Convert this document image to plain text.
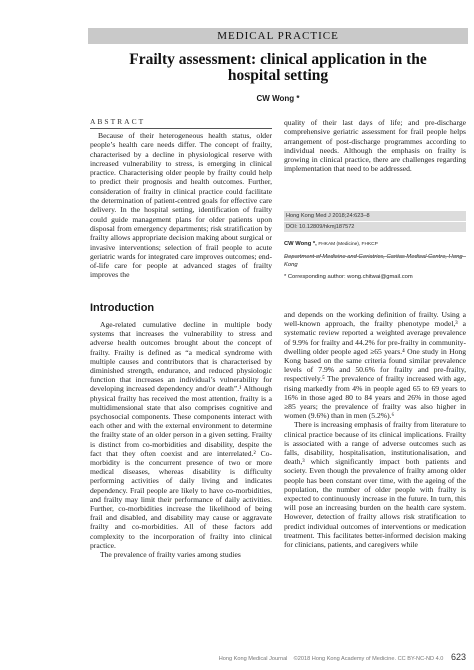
MEDICAL PRACTICE
Frailty assessment: clinical application in the
hospital setting
CW Wong *
ABSTRACT
Because of their heterogeneous health status, older people’s health care needs differ. The concept of frailty, characterised by a decline in physiological reserve with increased vulnerability to stress, is emerging in clinical practice. Characterising older people by frailty could help to predict their prognosis and health outcomes. Further, consideration of frailty in clinical practice could facilitate the determination of patient-centred goals for effective care delivery. In the hospital setting, identification of frailty could guide management plans for older patients upon disposal from emergency departments; risk stratification by frailty allows appropriate decision making about surgical or invasive interventions; selection of frail people to acute geriatric wards for integrated care improves outcomes; end-of-life care for people at advanced stages of frailty improves the
quality of their last days of life; and pre-discharge comprehensive geriatric assessment for frail people helps arrangement of post-discharge programmes according to individual needs. Although the emphasis on frailty is growing in clinical practice, there are challenges regarding implementation that need to be addressed.
Hong Kong Med J 2018;24:623–8
DOI: 10.12809/hkmj187572

CW Wong *, FHKAM (Medicine), FHKCP

Department of Medicine and Geriatrics, Caritas Medical Centre, Hong Kong

* Corresponding author: wong.chitwai@gmail.com

Introduction

Age-related cumulative decline in multiple body systems that increases the vulnerability to stress and adverse health outcomes brought about the concept of frailty. Frailty is defined as “a medical syndrome with multiple causes and contributors that is characterised by diminished strength, endurance, and reduced physiologic function that increases an individual’s vulnerability for developing increased dependency and/or death”.¹ Although physical frailty has received the most attention, frailty is a multidimensional state that also comprises cognitive and psychosocial components. These components interact with each other and with the external environment to determine the frailty state of an older person in a given setting. Frailty is distinct from co-morbidities and disability, despite the fact that they often coexist and are interrelated.² Co-morbidity is the concurrent presence of two or more medical diseases, whereas disability is difficulty performing activities of daily living and indicates dependency. Frail people are likely to have co-morbidities, and frailty may limit their performance of daily activities. Further, co-morbidities increase the likelihood of being frail and disabled, and disability may cause or aggravate frailty and co-morbidities. All of these factors add complexity to the incorporation of frailty into clinical practice.

The prevalence of frailty varies among studies

and depends on the working definition of frailty. Using a well-known approach, the frailty phenotype model,³ a systematic review reported a weighted average prevalence of 9.9% for frailty and 44.2% for pre-frailty in community-dwelling older people aged ≥65 years.⁴ One study in Hong Kong based on the same criteria found similar prevalence levels of 7.9% and 50.6% for frailty and pre-frailty, respectively.⁵ The prevalence of frailty increased with age, rising markedly from 4% in people aged 65 to 69 years to 16% in those aged 80 to 84 years and 26% in those aged ≥85 years; the prevalence of frailty was also higher in women (9.6%) than in men (5.2%).⁶

There is increasing emphasis of frailty from literature to clinical practice because of its clinical implications. Frailty is associated with a range of adverse outcomes such as falls, disability, hospitalisation, institutionalisation, and death,³ which significantly impact both patients and society. Even though the prevalence of frailty among older people has been constant over time, with the ageing of the population, the number of older people with frailty is expected to continuously increase in the future. In turn, this will pose an increasing burden on the health care system. However, detection of frailty allows risk stratification to predict individual outcomes of interventions or medication treatment. This facilitates better-informed decision making for clinicians, patients, and caregivers while

Hong Kong Medical Journal ©2018 Hong Kong Academy of Medicine. CC BY-NC-ND 4.0 623
